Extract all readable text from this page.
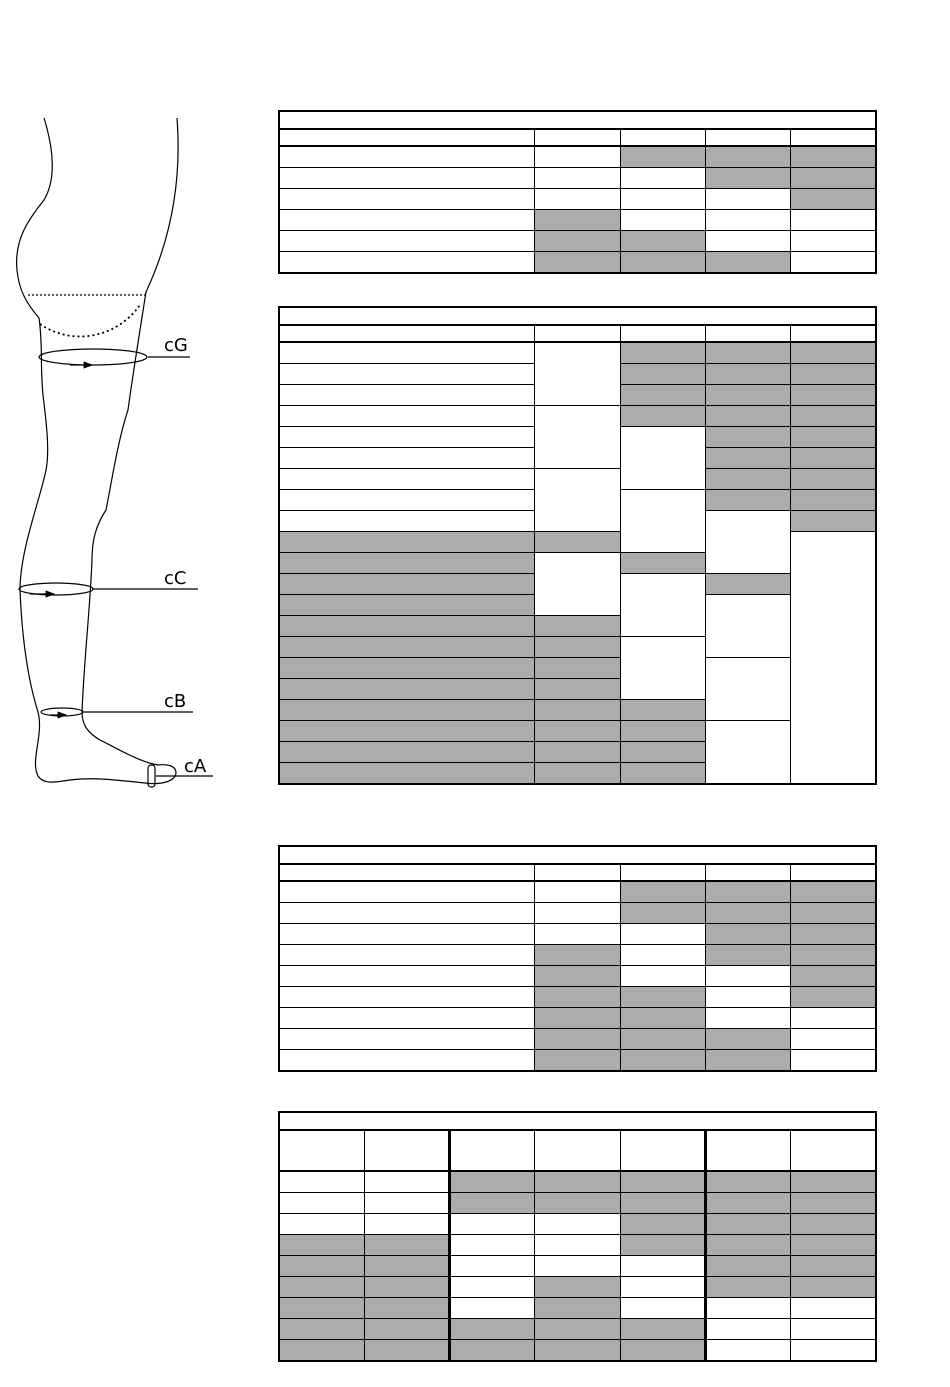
cG
cC
cB
cA
